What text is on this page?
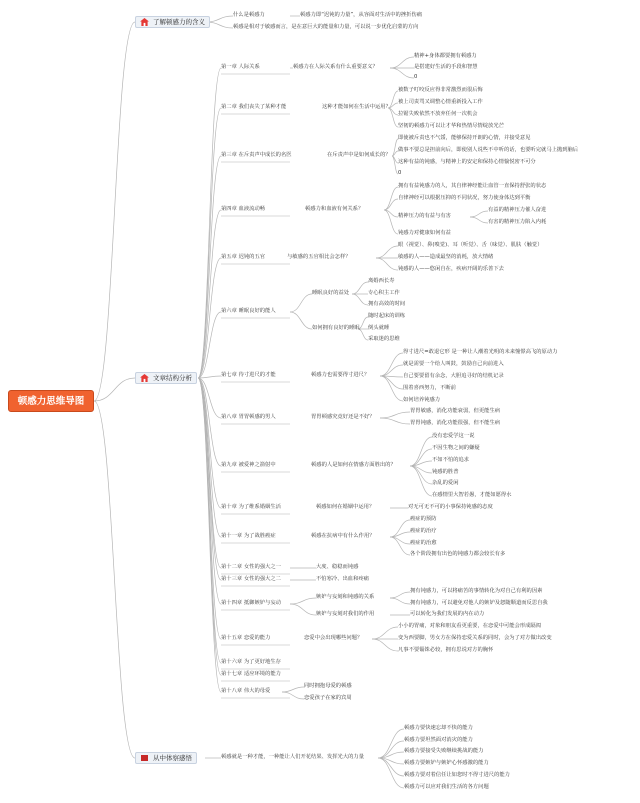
顿感力思维导图
了解顿感力的含义
什么是顿感力	顿感力即“迟钝的力量”，从容面对生活中的挫折伤痛
顿感是相对于敏感而言，是在意巨大的能量和力量，可以说一步优化启蒙的方向
文章结构分析
第一章 人际关系	顿感力在人际关系有什么重要意义？
精神+身体都要拥有顿感力
是搭建好生活的手段和智慧
0
第二章 我们丧失了某种才能	这种才能如何在生活中运用？
被数子叮咬反应得非常激烈而很后悔
被上司责骂又调整心情重新投入工作
拉锯失败依然不放弃任何一次机会
坚韧的顿感力可以让才华和热情尽情绽放光芒
第三章 在斥责声中成长的名医	在斥责声中是如何成长的？
即使被斥责也不气馁，能够保持开朗的心情，并接受意见
做事不要总是担前向后，即使别人说些不中听的话，也要听完就马上抛到脑后
这种有益的钝感，与精神上的安定和保持心情愉悦密不可分
0
第四章 血液流动畅	顿感力和血液有何关系？
拥有有益钝感力的人，其自律神经能让血管一直保持舒张的状态
自律神经可以根据压抑的不同状况，努力使身体达到平衡
精神压力的有益与有害
钝感力对健康如何有益
有益的精神压力催人奋进
有害的精神压力陷入内耗
第五章 迟钝的五官	与敏感的五官相比会怎样？
眼（视觉）、鼻(嗅觉)、耳（听觉）、舌（味觉）、肌肤（触觉）
敏感的人——造成最坚的消耗，放大情绪
钝感的人——悠闲自在，疾病开阔的乐善下去
第六章 睡眠良好的能人
睡眠良好的益处
如何拥有良好的睡眠
离婚西长寿
专心积主工作
拥有高效的时间
随时起床的训练
倒头就睡
采取迷的思维
第七章 待寸进尺的才能	顿感力也需要得寸进尺？
得寸进尺=敢退它形 是一种让人潮着光明的未来憧憬高飞的原动力
就是需要一个给人叫鼓，鼓励自己向前进入
自己要要留有余念，大胆追寻好的结机记录
围着喜西努力，不断前
如何培养钝感力
第八章 胃胃顿感的男人	胃胃顿感究竟好还是不好？
胃胃敏感，消化功能衰弱，但更能生病
胃胃钝感，消化功能很强，但不能生病
第九章 被爱神之箭射中	顿感的人是如何在情感方面胜出的？
没有恋爱学这一说
不因生物之间的嫌疑
不如不怕的追求
钝感的胜普
杂乱的爱闲
在感情里大智若愚，才能如愿得水
第十章 为了维系婚姻生活	顿感如何在婚姻中运用？	对无可无不可的小事保持钝感的态度
第十一章 为了战胜癌症	顿感在抗病中有什么作用？
癌症的预防
癌症的治疗
癌症的治愈
各个阶段拥有出色的钝感力都会较长有多
第十二章 女性的强大之一	大度、稳稳而钝感
第十三章 女性的强大之二	不怕寒冷、出血和疼痛
第十四章 抵御嫉妒与妄动
嫉妒与妄刻和钝感的关系
嫉妒与妄刻对我们的作用
拥有钝感力，可以将痛苦的事情转化为对自己有利的因素
拥有钝感力，可以避免对他人的嫉妒及恕随顺道而反思自我
可以转化为我们发展的内在动力
第十五章 恋爱的能力	恋爱中会出现哪些问题？
小小的胃痛，对象和朋友看更重要，在恋爱中可能会形成隔阂
变为西要脚，男女方在保持恋爱关系的同时，会为了对方做出改变
凡事不要锱铢必较，拥有思说对方的胸怀
第十六章 为了更好地生存
第十七章 适应环境的能力
第十八章 伟大的母爱
同时拥抱母爱的顿感
恋爱孩子在家的宾周
从中体察感悟	顿感就是一种才能，一种能让人们开花结果、发挥光大的力量
顿感力要快速忘却不快的能力
顿感力要坦然面对消灾的能力
顿感力要接受失败继续挑战的能力
顿感力要嫉妒与嫉妒心怀感激的能力
顿感力要对着信任让如您时不得寸进尺的能力
顿感力可以应对我们生活的各方问题
